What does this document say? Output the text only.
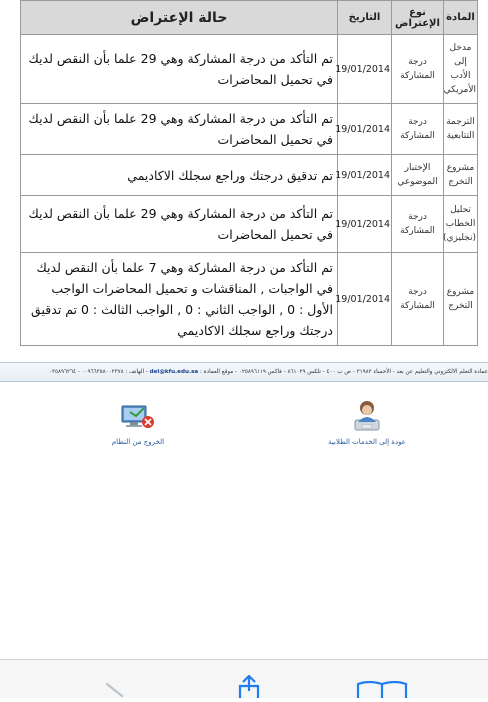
المادة	نوع الإعتراض	التاريخ	حالة الإعتراض
مدخل إلى الأدب الأمريكي	درجة المشاركة	19/01/2014	تم التأكد من درجة المشاركة وهي 29 علما بأن النقص لديك في تحميل المحاضرات
الترجمة التتابعية	درجة المشاركة	19/01/2014	تم التأكد من درجة المشاركة وهي 29 علما بأن النقص لديك في تحميل المحاضرات
مشروع التخرج	الإختبار الموضوعي	19/01/2014	تم تدقيق درجتك وراجع سجلك الاكاديمي
تحليل الخطاب (نجليزي)	درجة المشاركة	19/01/2014	تم التأكد من درجة المشاركة وهي 29 علما بأن النقص لديك في تحميل المحاضرات
مشروع التخرج	درجة المشاركة	19/01/2014	تم التأكد من درجة المشاركة وهي 7 علما بأن النقص لديك في الواجبات , المناقشات و تحميل المحاضرات الواجب الأول : 0 , الواجب الثاني : 0 , الواجب الثالث : 0 تم تدقيق درجتك وراجع سجلك الاكاديمي
عمادة التعلم الالكتروني والتعليم عن بعد - الأحساء ٣١٩٨٢ - ص ب ٤٠٠ - تلكس ٨٦١٠٢٩ - فاكس ٠٢٥٨٩٦١١٩ - موقع العمادة : del@kfu.edu.sa - الهاتف : ٠٠٩٦٦٣٥٨٠٠٢٣٧٨ - ٠٣٥٨٩٦٢٦٤
عودة إلى الخدمات الطلابية
الخروج من النظام
